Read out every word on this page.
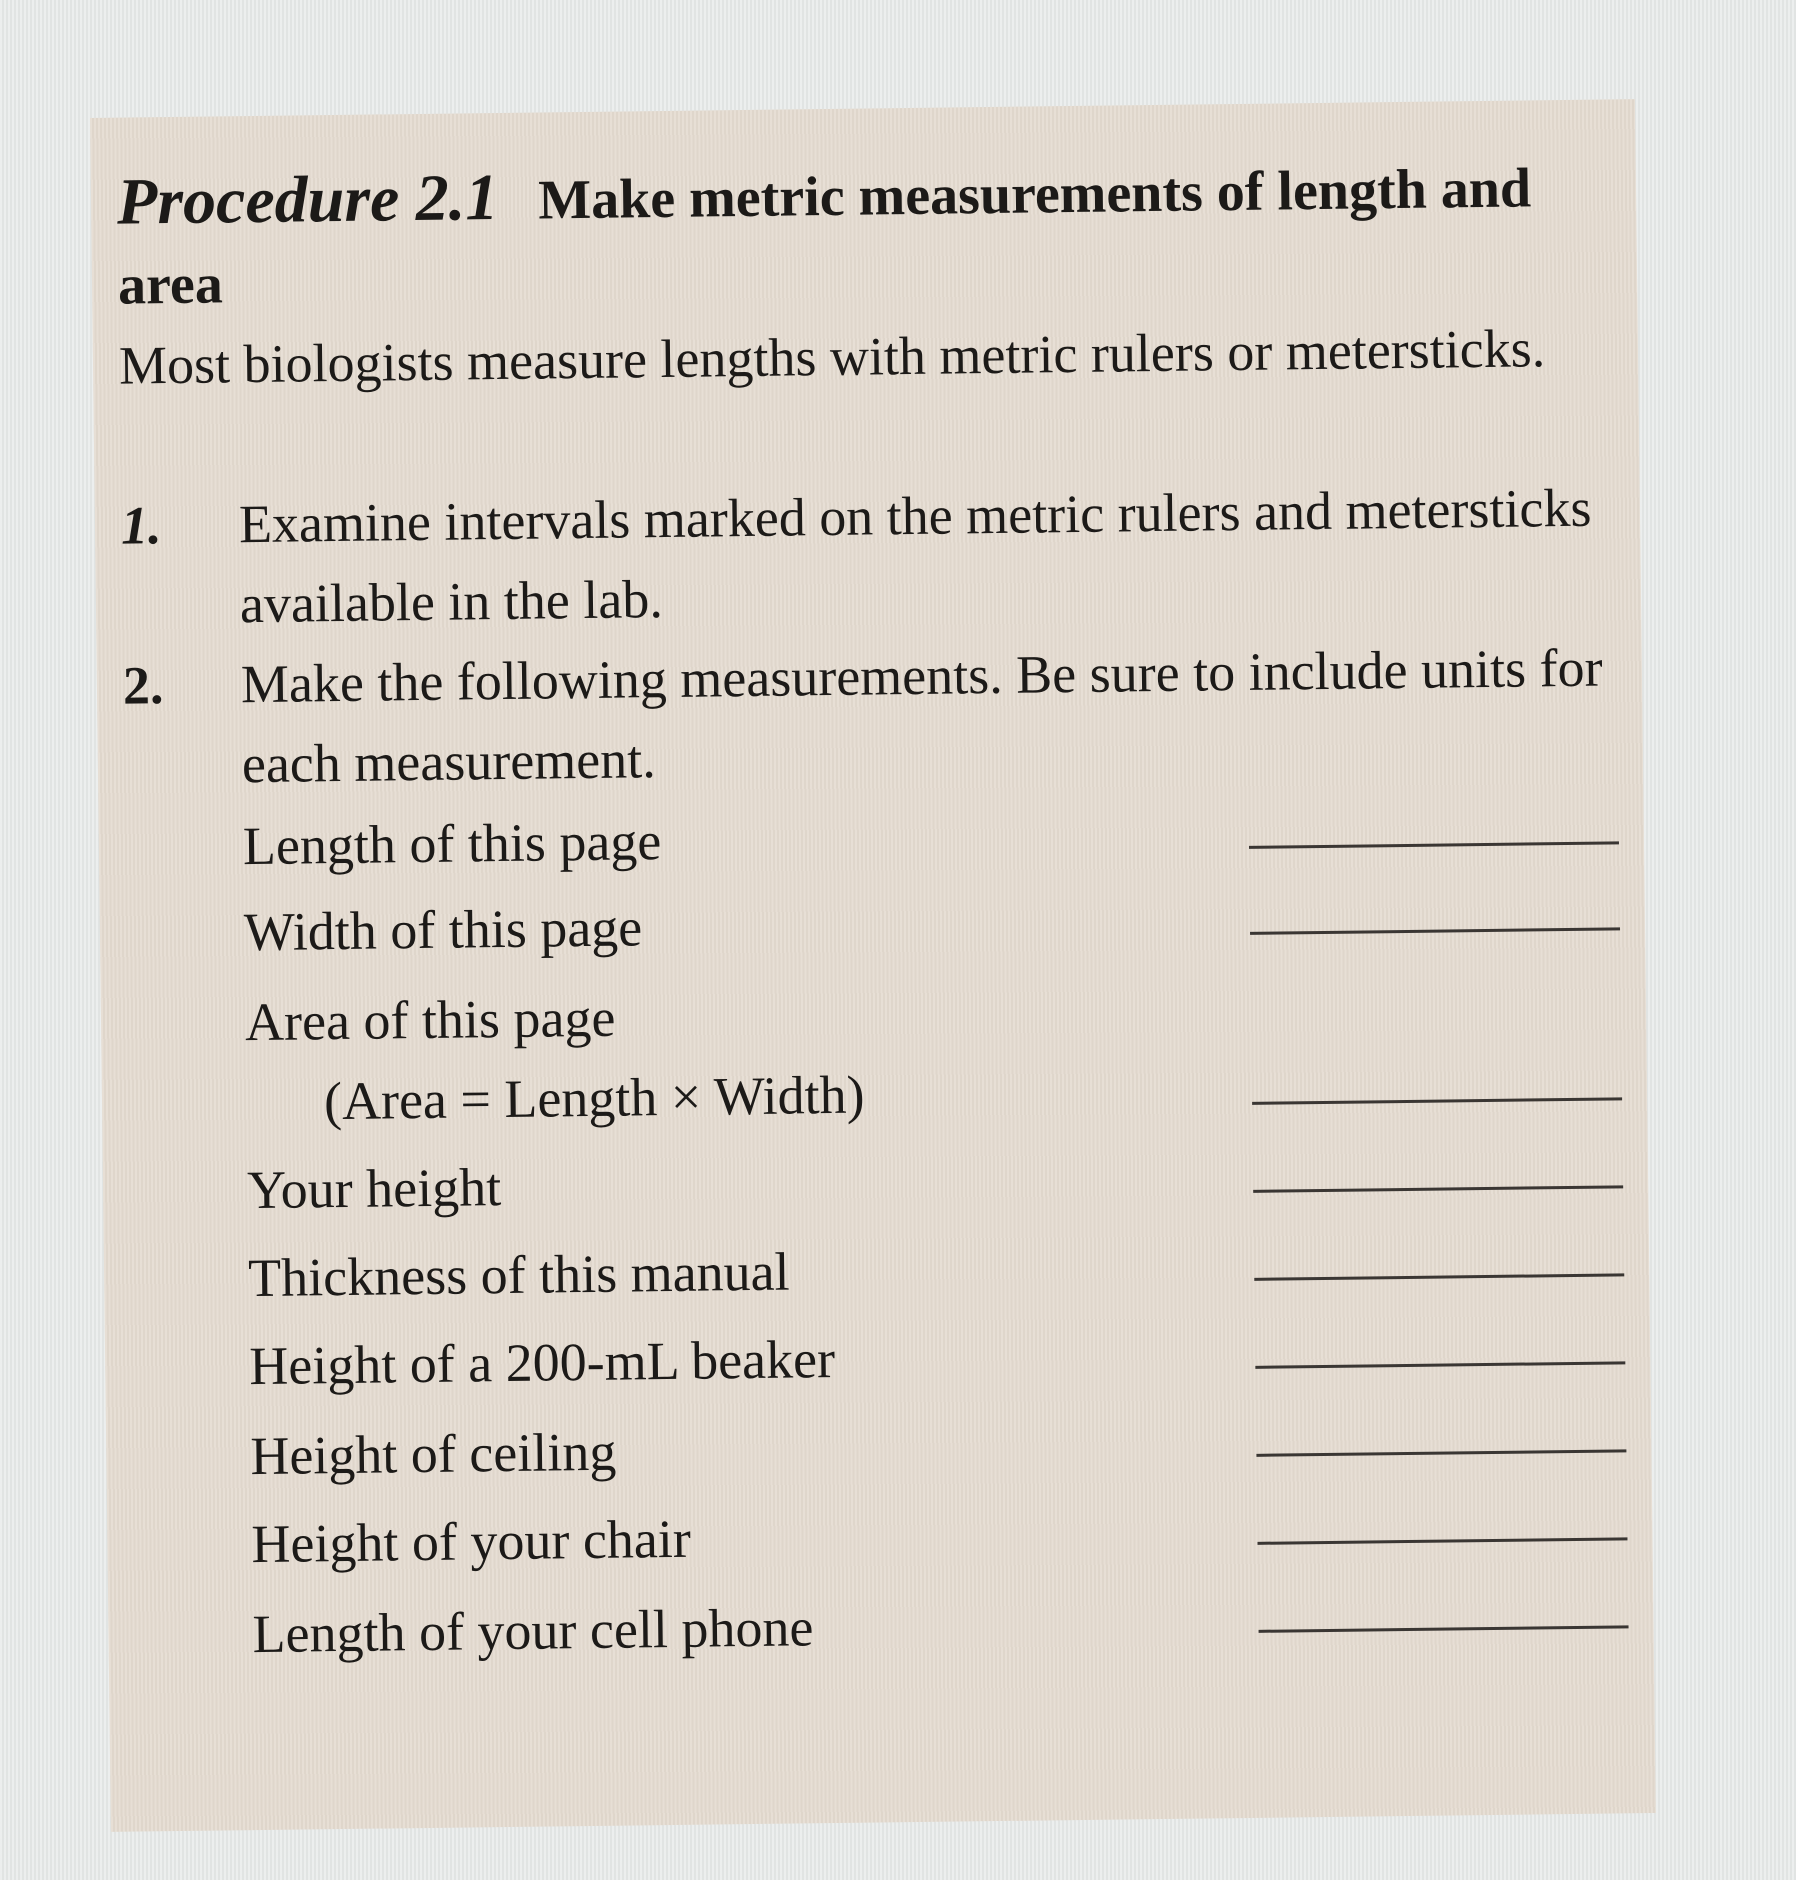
Procedure 2.1 Make metric measurements of length and area
Most biologists measure lengths with metric rulers or metersticks.
1. Examine intervals marked on the metric rulers and metersticks available in the lab.
2. Make the following measurements. Be sure to include units for each measurement.
Length of this page
Width of this page
Area of this page
(Area = Length × Width)
Your height
Thickness of this manual
Height of a 200-mL beaker
Height of ceiling
Height of your chair
Length of your cell phone
